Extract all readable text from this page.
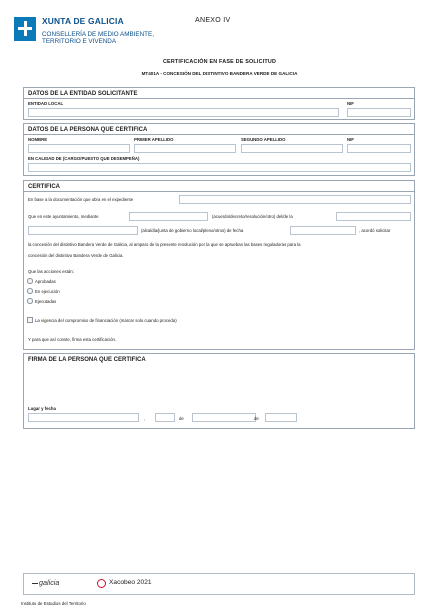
XUNTA DE GALICIA
CONSELLERÍA DE MEDIO AMBIENTE,
TERRITORIO E VIVENDA
ANEXO IV
CERTIFICACIÓN EN FASE DE SOLICITUD
MT401A - CONCESIÓN DEL DISTINTIVO BANDERA VERDE DE GALICIA
DATOS DE LA ENTIDAD SOLICITANTE
ENTIDAD LOCAL	NIF
DATOS DE LA PERSONA QUE CERTIFICA
NOMBRE	PRIMER APELLIDO	SEGUNDO APELLIDO	NIF
EN CALIDAD DE (CARGO/PUESTO QUE DESEMPEÑA)
CERTIFICA
En base a la documentación que obra en el expediente
Que en este ayuntamiento, mediante	(acuerdo/decreto/resolución/otro) del/de la
(alcaldía/junta de gobierno local/pleno/otros) de fecha	, acordó solicitar
la concesión del distintivo Bandera Verde de Galicia, al amparo de la presente resolución por la que se aprueban las bases reguladoras para la
concesión del distintivo Bandera Verde de Galicia.
Que las acciones están:
Aprobadas
En ejecución
Ejecutadas
La vigencia del compromiso de financiación (marcar solo cuando proceda)
Y para que así conste, firma esta certificación.
FIRMA DE LA PERSONA QUE CERTIFICA
Lugar y fecha
,	de	de
galicia	Xacobeo 2021
Instituto de Estudios del Territorio
